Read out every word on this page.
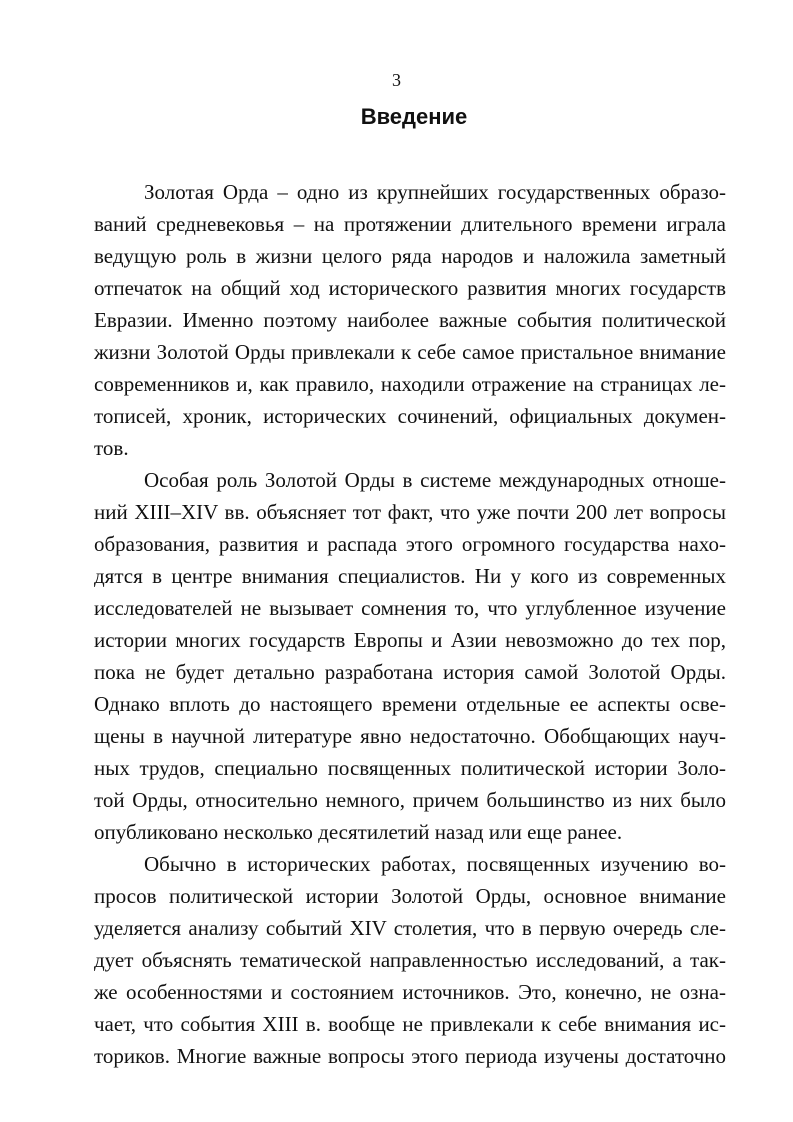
3
Введение
Золотая Орда – одно из крупнейших государственных образо-
ваний средневековья – на протяжении длительного времени играла
ведущую роль в жизни целого ряда народов и наложила заметный
отпечаток на общий ход исторического развития многих государств
Евразии. Именно поэтому наиболее важные события политической
жизни Золотой Орды привлекали к себе самое пристальное внимание
современников и, как правило, находили отражение на страницах ле-
тописей, хроник, исторических сочинений, официальных докумен-
тов.
Особая роль Золотой Орды в системе международных отноше-
ний XIII–XIV вв. объясняет тот факт, что уже почти 200 лет вопросы
образования, развития и распада этого огромного государства нахо-
дятся в центре внимания специалистов. Ни у кого из современных
исследователей не вызывает сомнения то, что углубленное изучение
истории многих государств Европы и Азии невозможно до тех пор,
пока не будет детально разработана история самой Золотой Орды.
Однако вплоть до настоящего времени отдельные ее аспекты осве-
щены в научной литературе явно недостаточно. Обобщающих науч-
ных трудов, специально посвященных политической истории Золо-
той Орды, относительно немного, причем большинство из них было
опубликовано несколько десятилетий назад или еще ранее.
Обычно в исторических работах, посвященных изучению во-
просов политической истории Золотой Орды, основное внимание
уделяется анализу событий XIV столетия, что в первую очередь сле-
дует объяснять тематической направленностью исследований, а так-
же особенностями и состоянием источников. Это, конечно, не озна-
чает, что события XIII в. вообще не привлекали к себе внимания ис-
ториков. Многие важные вопросы этого периода изучены достаточно
